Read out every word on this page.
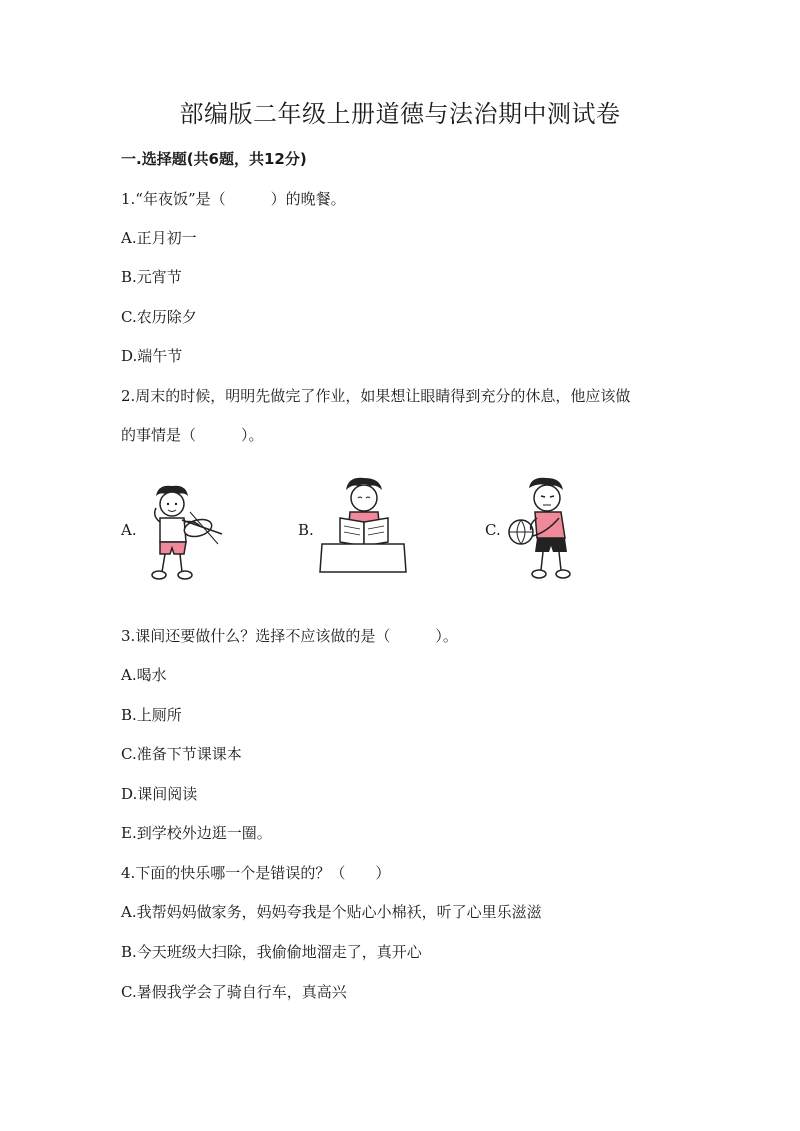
部编版二年级上册道德与法治期中测试卷
一.选择题(共6题，共12分)
1.“年夜饭”是（　　　）的晚餐。
A.正月初一
B.元宵节
C.农历除夕
D.端午节
2.周末的时候，明明先做完了作业，如果想让眼睛得到充分的休息，他应该做
的事情是（　　　）。
A.	B.	C.
3.课间还要做什么？选择不应该做的是（　　　）。
A.喝水
B.上厕所
C.准备下节课课本
D.课间阅读
E.到学校外边逛一圈。
4.下面的快乐哪一个是错误的？（　　）
A.我帮妈妈做家务，妈妈夸我是个贴心小棉袄，听了心里乐滋滋
B.今天班级大扫除，我偷偷地溜走了，真开心
C.暑假我学会了骑自行车，真高兴
